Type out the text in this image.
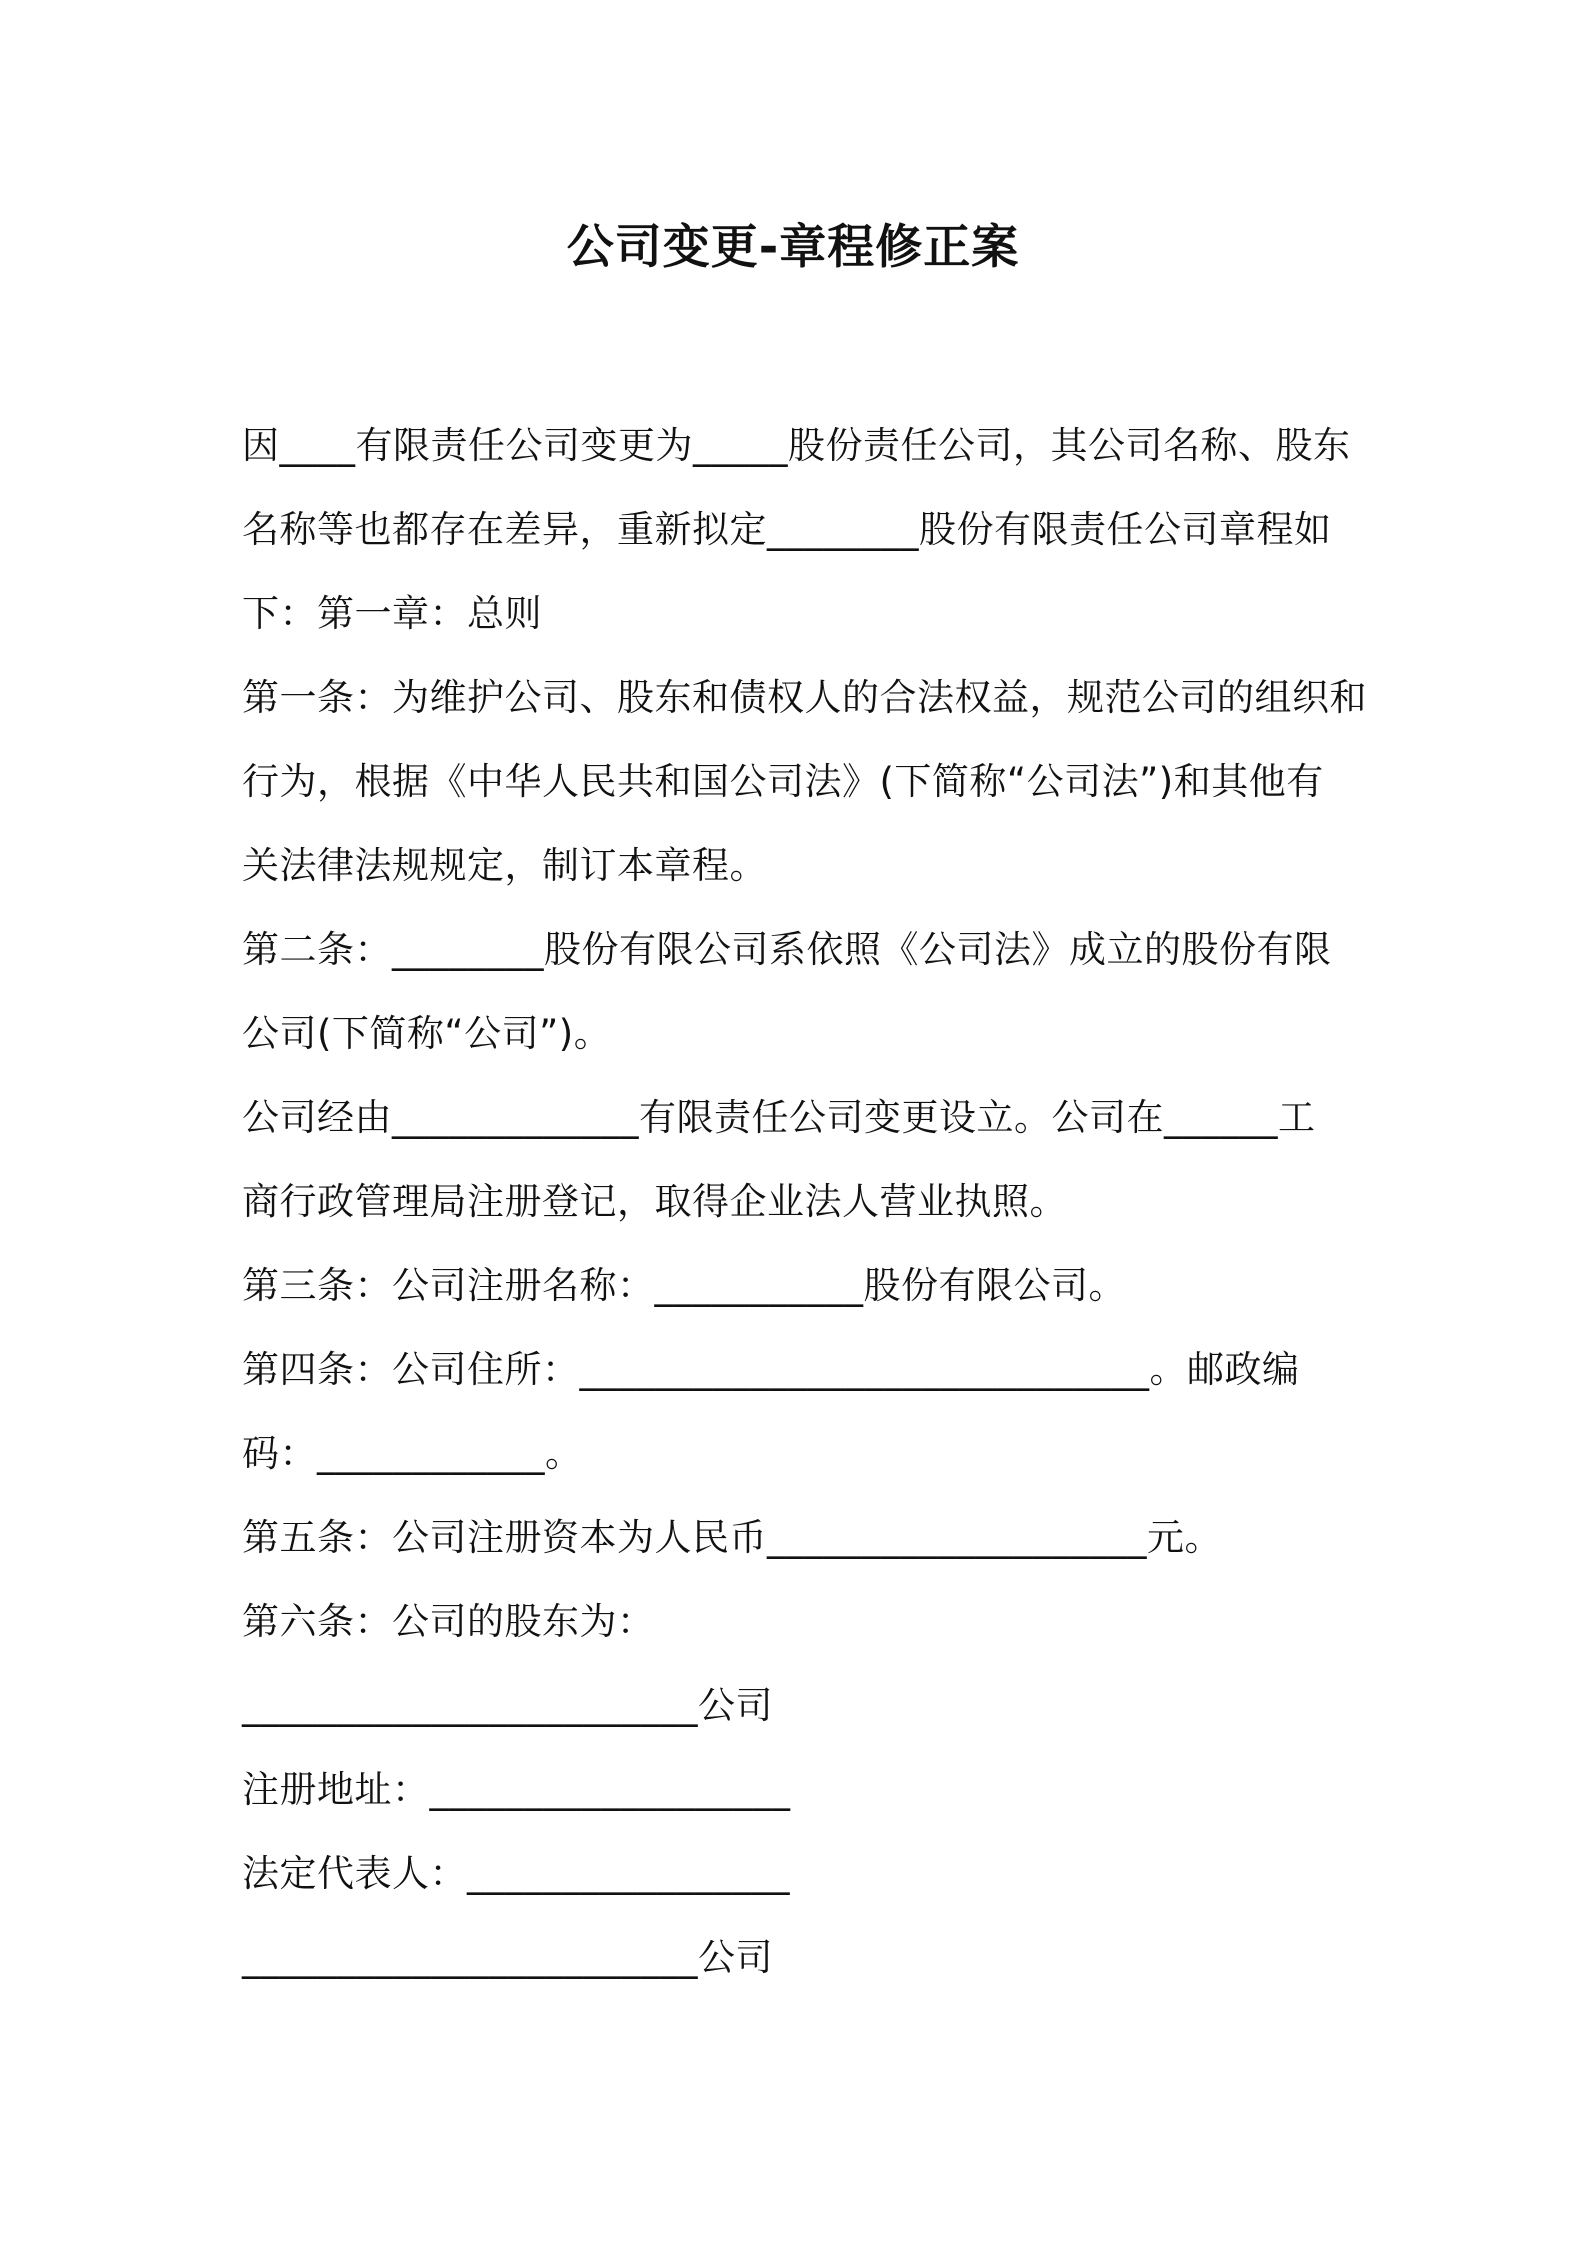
公司变更-章程修正案

因____有限责任公司变更为_____股份责任公司，其公司名称、股东

名称等也都存在差异，重新拟定________股份有限责任公司章程如

下：第一章：总则

第一条：为维护公司、股东和债权人的合法权益，规范公司的组织和

行为，根据《中华人民共和国公司法》(下简称“公司法”)和其他有

关法律法规规定，制订本章程。

第二条：________股份有限公司系依照《公司法》成立的股份有限

公司(下简称“公司”)。

公司经由_____________有限责任公司变更设立。公司在______工

商行政管理局注册登记，取得企业法人营业执照。

第三条：公司注册名称：___________股份有限公司。

第四条：公司住所：______________________________。邮政编

码：____________。

第五条：公司注册资本为人民币____________________元。

第六条：公司的股东为：

________________________公司

注册地址：___________________

法定代表人：_________________

________________________公司
